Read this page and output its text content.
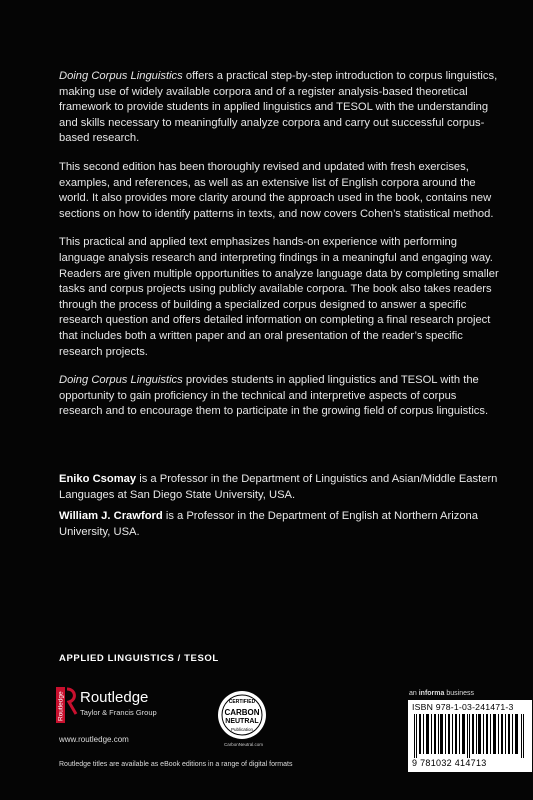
Doing Corpus Linguistics offers a practical step-by-step introduction to corpus linguistics, making use of widely available corpora and of a register analysis-based theoretical framework to provide students in applied linguistics and TESOL with the understanding and skills necessary to meaningfully analyze corpora and carry out successful corpus-based research.

This second edition has been thoroughly revised and updated with fresh exercises, examples, and references, as well as an extensive list of English corpora around the world. It also provides more clarity around the approach used in the book, contains new sections on how to identify patterns in texts, and now covers Cohen’s statistical method.

This practical and applied text emphasizes hands-on experience with performing language analysis research and interpreting findings in a meaningful and engaging way. Readers are given multiple opportunities to analyze language data by completing smaller tasks and corpus projects using publicly available corpora. The book also takes readers through the process of building a specialized corpus designed to answer a specific research question and offers detailed information on completing a final research project that includes both a written paper and an oral presentation of the reader’s specific research projects.

Doing Corpus Linguistics provides students in applied linguistics and TESOL with the opportunity to gain proficiency in the technical and interpretive aspects of corpus research and to encourage them to participate in the growing field of corpus linguistics.

Eniko Csomay is a Professor in the Department of Linguistics and Asian/Middle Eastern Languages at San Diego State University, USA.

William J. Crawford is a Professor in the Department of English at Northern Arizona University, USA.

APPLIED LINGUISTICS / TESOL
Routledge Routledge
Taylor & Francis Group
www.routledge.com
CERTIFIED
CARBON
NEUTRAL
Publication
CarbonNeutral.com
an informa business
ISBN 978-1-03-241471-3
9 781032 414713
Routledge titles are available as eBook editions in a range of digital formats
